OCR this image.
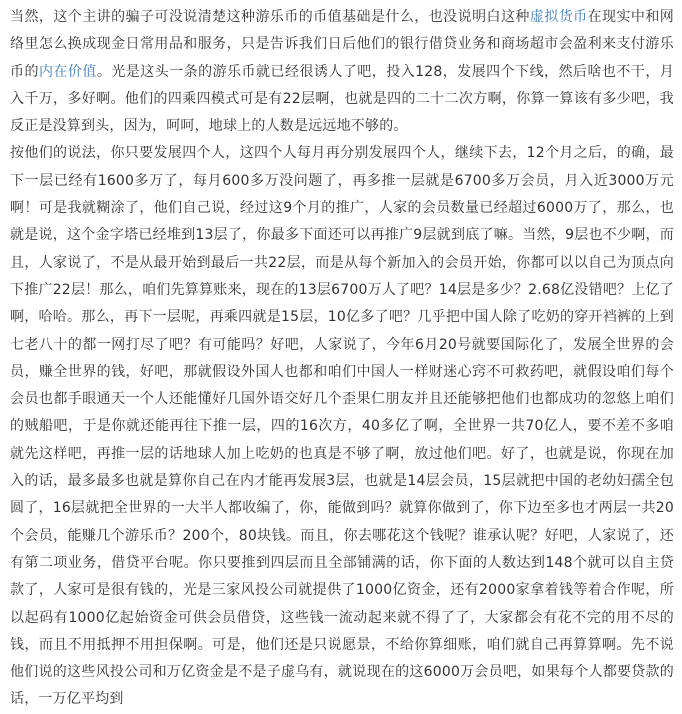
当然，这个主讲的骗子可没说清楚这种游乐币的币值基础是什么，也没说明白这种虚拟货币在现实中和网络里怎么换成现金日常用品和服务，只是告诉我们日后他们的银行借贷业务和商场超市会盈利来支付游乐币的内在价值。光是这头一条的游乐币就已经很诱人了吧，投入128，发展四个下线，然后啥也不干，月入千万，多好啊。他们的四乘四模式可是有22层啊，也就是四的二十二次方啊，你算一算该有多少吧，我反正是没算到头，因为，呵呵，地球上的人数是远远地不够的。

按他们的说法，你只要发展四个人，这四个人每月再分别发展四个人，继续下去，12个月之后，的确，最下一层已经有1600多万了，每月600多万没问题了，再多推一层就是6700多万会员，月入近3000万元啊！可是我就糊涂了，他们自己说，经过这9个月的推广，人家的会员数量已经超过6000万了，那么，也就是说，这个金字塔已经堆到13层了，你最多下面还可以再推广9层就到底了嘛。当然，9层也不少啊，而且，人家说了，不是从最开始到最后一共22层，而是从每个新加入的会员开始，你都可以以自己为顶点向下推广22层！那么，咱们先算算账来，现在的13层6700万人了吧？14层是多少？2.68亿没错吧？上亿了啊，哈哈。那么，再下一层呢，再乘四就是15层，10亿多了吧？几乎把中国人除了吃奶的穿开裆裤的上到七老八十的都一网打尽了吧？有可能吗？好吧，人家说了，今年6月20号就要国际化了，发展全世界的会员，赚全世界的钱，好吧，那就假设外国人也都和咱们中国人一样财迷心窍不可救药吧，就假设咱们每个会员也都手眼通天一个人还能懂好几国外语交好几个歪果仁朋友并且还能够把他们也都成功的忽悠上咱们的贼船吧，于是你就还能再往下推一层，四的16次方，40多亿了啊，全世界一共70亿人，要不差不多咱就先这样吧，再推一层的话地球人加上吃奶的也真是不够了啊，放过他们吧。好了，也就是说，你现在加入的话，最多最多也就是算你自己在内才能再发展3层，也就是14层会员，15层就把中国的老幼妇孺全包圆了，16层就把全世界的一大半人都收编了，你，能做到吗？就算你做到了，你下边至多也才两层一共20个会员，能赚几个游乐币？200个，80块钱。而且，你去哪花这个钱呢？谁承认呢？好吧，人家说了，还有第二项业务，借贷平台呢。你只要推到四层而且全部铺满的话，你下面的人数达到148个就可以自主贷款了，人家可是很有钱的，光是三家风投公司就提供了1000亿资金，还有2000家拿着钱等着合作呢，所以起码有1000亿起始资金可供会员借贷，这些钱一流动起来就不得了了，大家都会有花不完的用不尽的钱，而且不用抵押不用担保啊。可是，他们还是只说愿景，不给你算细账，咱们就自己再算算啊。先不说他们说的这些风投公司和万亿资金是不是子虚乌有，就说现在的这6000万会员吧，如果每个人都要贷款的话，一万亿平均到
